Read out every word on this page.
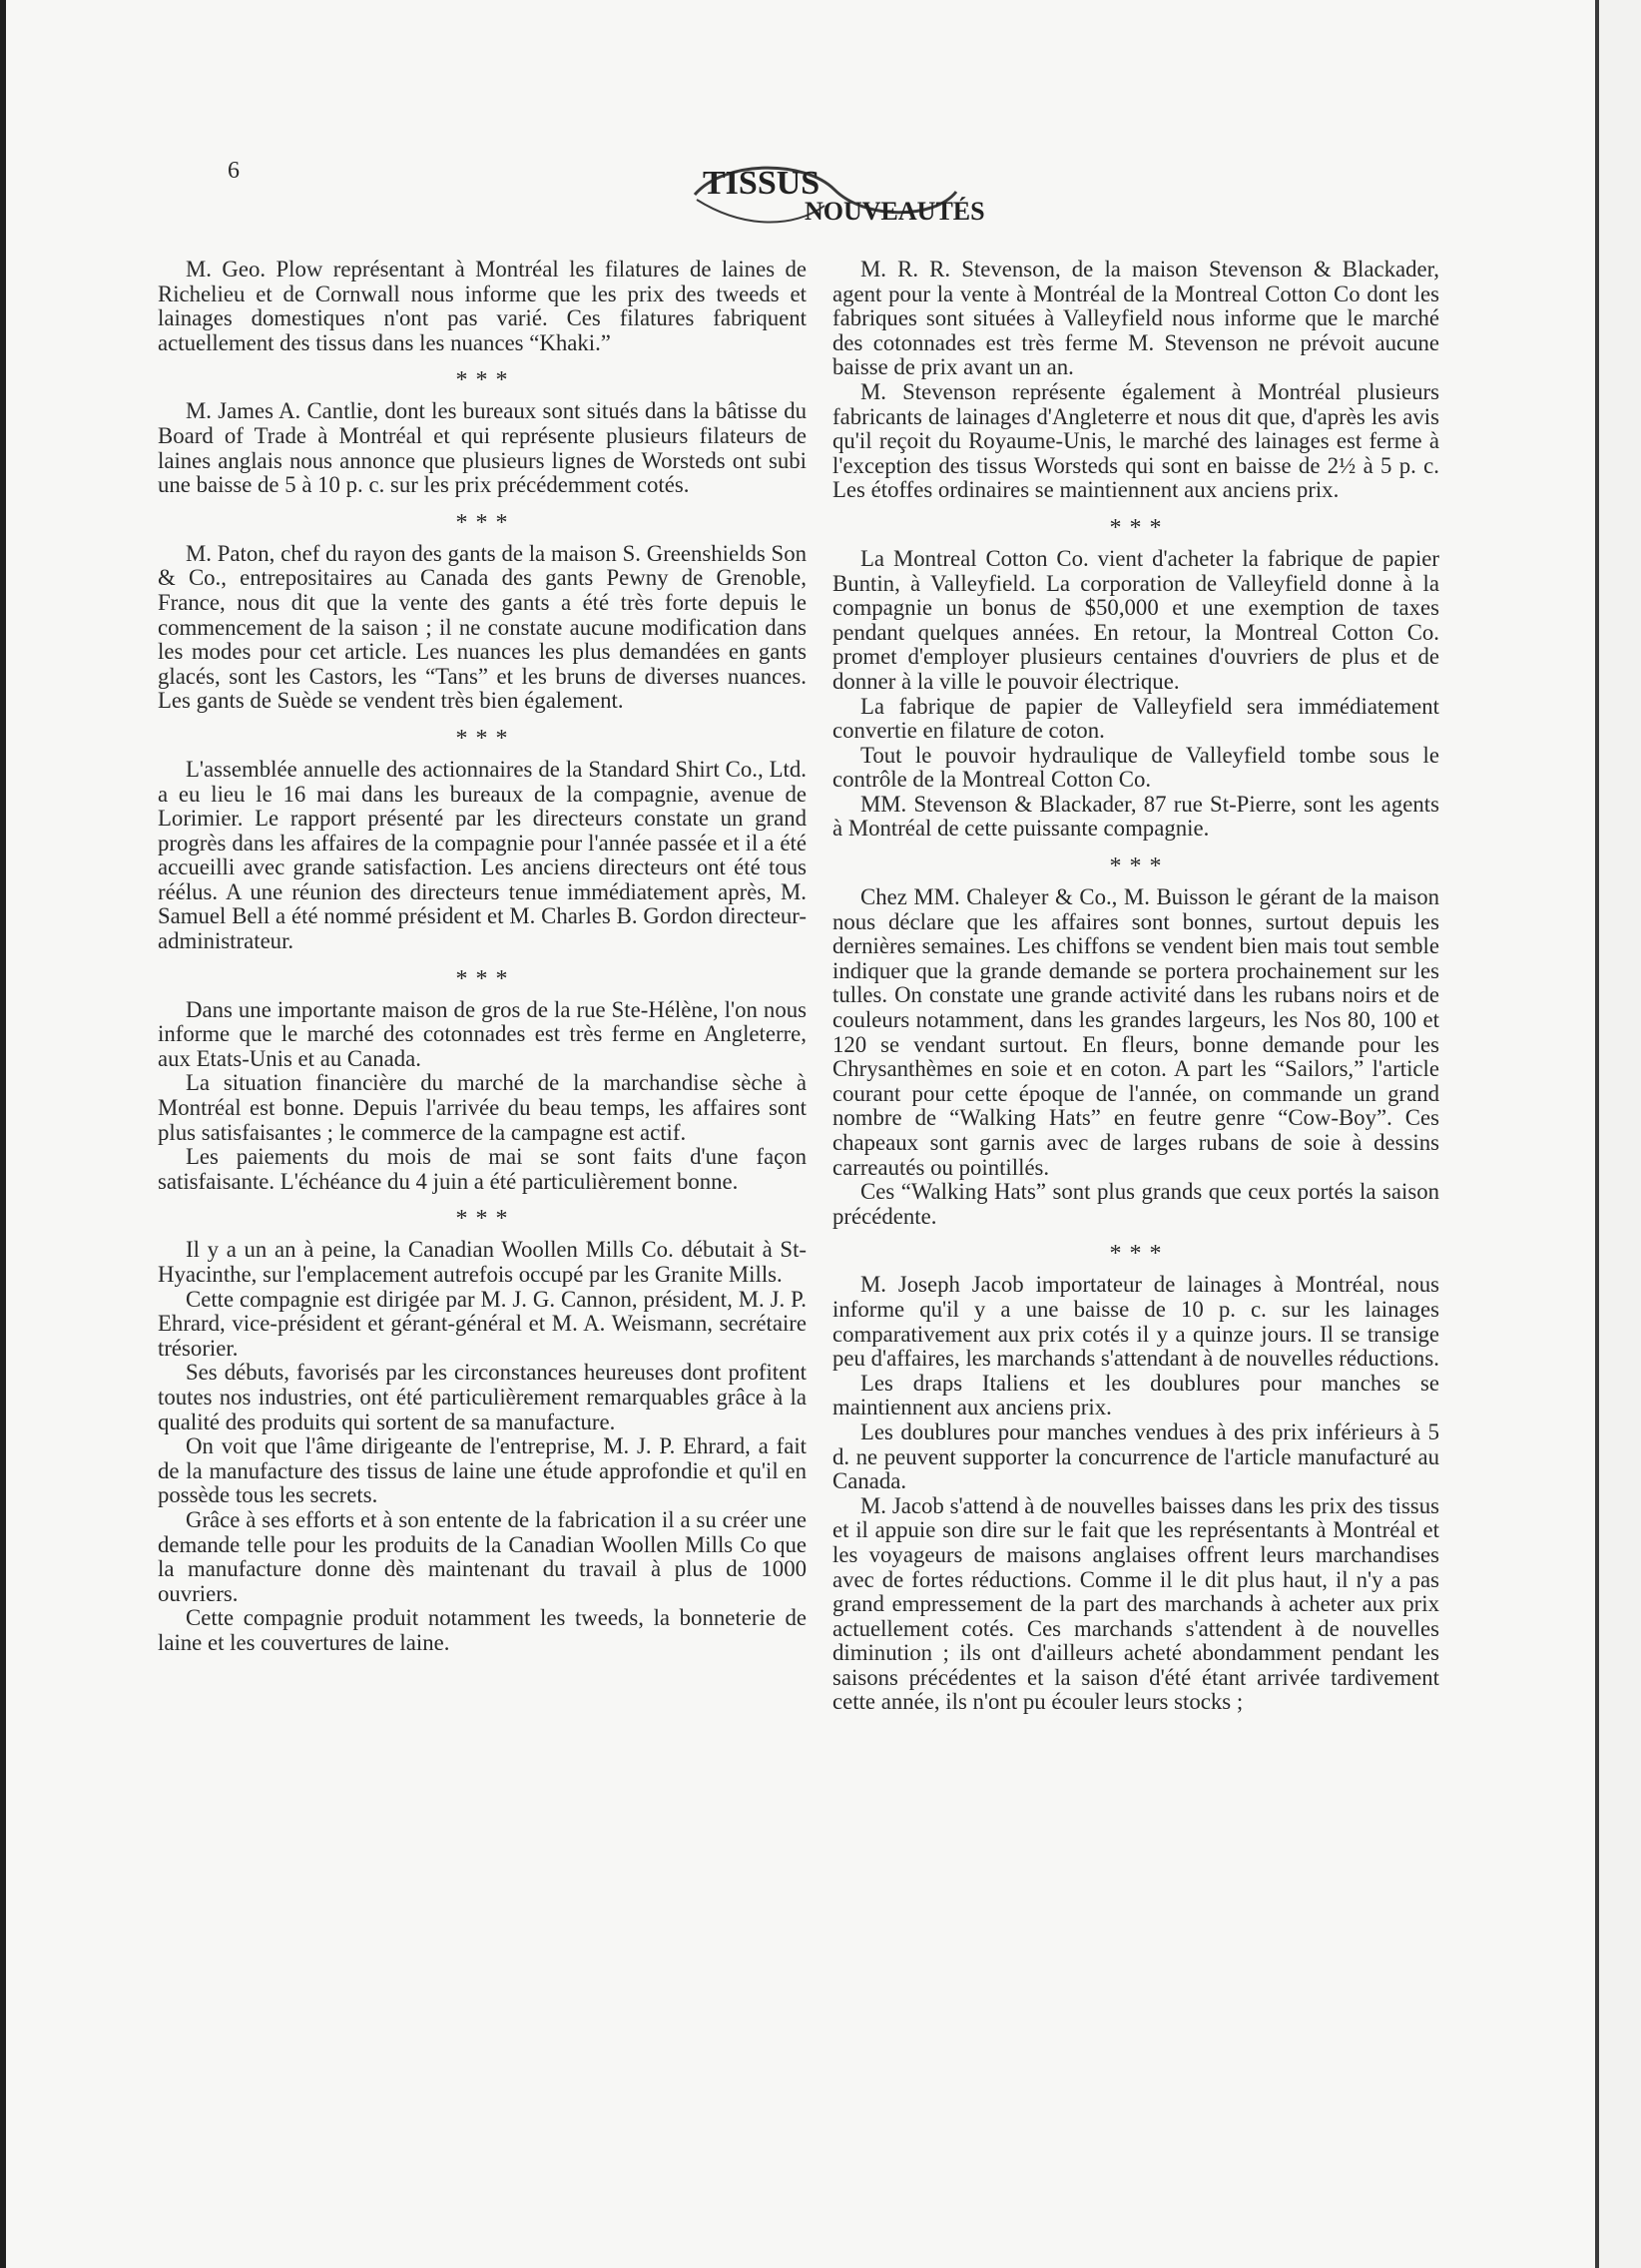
6	TISSUS
NOUVEAUTÉS

M. Geo. Plow représentant à Montréal les filatures de laines de Richelieu et de Cornwall nous informe que les prix des tweeds et lainages domestiques n'ont pas varié. Ces filatures fabriquent actuellement des tissus dans les nuances “Khaki.”

* * *

M. James A. Cantlie, dont les bureaux sont situés dans la bâtisse du Board of Trade à Montréal et qui représente plusieurs filateurs de laines anglais nous annonce que plusieurs lignes de Worsteds ont subi une baisse de 5 à 10 p. c. sur les prix précédemment cotés.

* * *

M. Paton, chef du rayon des gants de la maison S. Greenshields Son & Co., entrepositaires au Canada des gants Pewny de Grenoble, France, nous dit que la vente des gants a été très forte depuis le commencement de la saison ; il ne constate aucune modification dans les modes pour cet article. Les nuances les plus demandées en gants glacés, sont les Castors, les “Tans” et les bruns de diverses nuances. Les gants de Suède se vendent très bien également.

* * *

L'assemblée annuelle des actionnaires de la Standard Shirt Co., Ltd. a eu lieu le 16 mai dans les bureaux de la compagnie, avenue de Lorimier. Le rapport présenté par les directeurs constate un grand progrès dans les affaires de la compagnie pour l'année passée et il a été accueilli avec grande satisfaction. Les anciens directeurs ont été tous réélus. A une réunion des directeurs tenue immédiatement après, M. Samuel Bell a été nommé président et M. Charles B. Gordon directeur-administrateur.

* * *

Dans une importante maison de gros de la rue Ste-Hélène, l'on nous informe que le marché des cotonnades est très ferme en Angleterre, aux Etats-Unis et au Canada.

La situation financière du marché de la marchandise sèche à Montréal est bonne. Depuis l'arrivée du beau temps, les affaires sont plus satisfaisantes ; le commerce de la campagne est actif.

Les paiements du mois de mai se sont faits d'une façon satisfaisante. L'échéance du 4 juin a été particulièrement bonne.

* * *

Il y a un an à peine, la Canadian Woollen Mills Co. débutait à St-Hyacinthe, sur l'emplacement autrefois occupé par les Granite Mills.

Cette compagnie est dirigée par M. J. G. Cannon, président, M. J. P. Ehrard, vice-président et gérant-général et M. A. Weismann, secrétaire trésorier.

Ses débuts, favorisés par les circonstances heureuses dont profitent toutes nos industries, ont été particulièrement remarquables grâce à la qualité des produits qui sortent de sa manufacture.

On voit que l'âme dirigeante de l'entreprise, M. J. P. Ehrard, a fait de la manufacture des tissus de laine une étude approfondie et qu'il en possède tous les secrets.

Grâce à ses efforts et à son entente de la fabrication il a su créer une demande telle pour les produits de la Canadian Woollen Mills Co que la manufacture donne dès maintenant du travail à plus de 1000 ouvriers.

Cette compagnie produit notamment les tweeds, la bonneterie de laine et les couvertures de laine.

M. R. R. Stevenson, de la maison Stevenson & Blackader, agent pour la vente à Montréal de la Montreal Cotton Co dont les fabriques sont situées à Valleyfield nous informe que le marché des cotonnades est très ferme M. Stevenson ne prévoit aucune baisse de prix avant un an.

M. Stevenson représente également à Montréal plusieurs fabricants de lainages d'Angleterre et nous dit que, d'après les avis qu'il reçoit du Royaume-Unis, le marché des lainages est ferme à l'exception des tissus Worsteds qui sont en baisse de 2½ à 5 p. c. Les étoffes ordinaires se maintiennent aux anciens prix.

* * *

La Montreal Cotton Co. vient d'acheter la fabrique de papier Buntin, à Valleyfield. La corporation de Valleyfield donne à la compagnie un bonus de $50,000 et une exemption de taxes pendant quelques années. En retour, la Montreal Cotton Co. promet d'employer plusieurs centaines d'ouvriers de plus et de donner à la ville le pouvoir électrique.

La fabrique de papier de Valleyfield sera immédiatement convertie en filature de coton.

Tout le pouvoir hydraulique de Valleyfield tombe sous le contrôle de la Montreal Cotton Co.

MM. Stevenson & Blackader, 87 rue St-Pierre, sont les agents à Montréal de cette puissante compagnie.

* * *

Chez MM. Chaleyer & Co., M. Buisson le gérant de la maison nous déclare que les affaires sont bonnes, surtout depuis les dernières semaines. Les chiffons se vendent bien mais tout semble indiquer que la grande demande se portera prochainement sur les tulles. On constate une grande activité dans les rubans noirs et de couleurs notamment, dans les grandes largeurs, les Nos 80, 100 et 120 se vendant surtout. En fleurs, bonne demande pour les Chrysanthèmes en soie et en coton. A part les “Sailors,” l'article courant pour cette époque de l'année, on commande un grand nombre de “Walking Hats” en feutre genre “Cow-Boy”. Ces chapeaux sont garnis avec de larges rubans de soie à dessins carreautés ou pointillés.

Ces “Walking Hats” sont plus grands que ceux portés la saison précédente.

* * *

M. Joseph Jacob importateur de lainages à Montréal, nous informe qu'il y a une baisse de 10 p. c. sur les lainages comparativement aux prix cotés il y a quinze jours. Il se transige peu d'affaires, les marchands s'attendant à de nouvelles réductions.

Les draps Italiens et les doublures pour manches se maintiennent aux anciens prix.

Les doublures pour manches vendues à des prix inférieurs à 5 d. ne peuvent supporter la concurrence de l'article manufacturé au Canada.

M. Jacob s'attend à de nouvelles baisses dans les prix des tissus et il appuie son dire sur le fait que les représentants à Montréal et les voyageurs de maisons anglaises offrent leurs marchandises avec de fortes réductions. Comme il le dit plus haut, il n'y a pas grand empressement de la part des marchands à acheter aux prix actuellement cotés. Ces marchands s'attendent à de nouvelles diminution ; ils ont d'ailleurs acheté abondamment pendant les saisons précédentes et la saison d'été étant arrivée tardivement cette année, ils n'ont pu écouler leurs stocks ;
